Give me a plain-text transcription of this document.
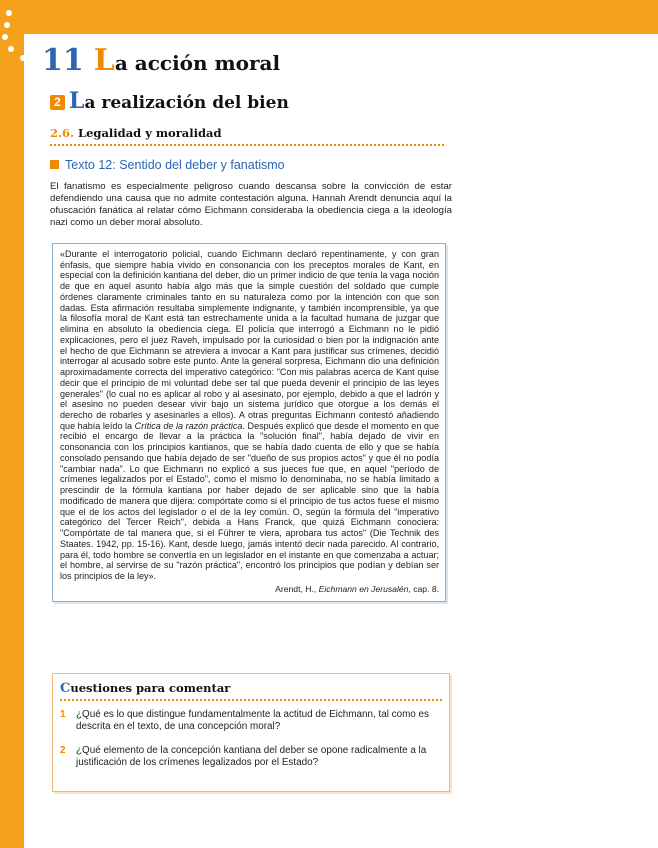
11 La acción moral
2 La realización del bien
2.6. Legalidad y moralidad
Texto 12: Sentido del deber y fanatismo
El fanatismo es especialmente peligroso cuando descansa sobre la convicción de estar defendiendo una causa que no admite contestación alguna. Hannah Arendt denuncia aquí la ofuscación fanática al relatar cómo Eichmann consideraba la obediencia ciega a la ideología nazi como un deber moral absoluto.

«Durante el interrogatorio policial, cuando Eichmann declaró repentinamente, y con gran énfasis, que siempre había vivido en consonancia con los preceptos morales de Kant, en especial con la definición kantiana del deber, dio un primer indicio de que tenía la vaga noción de que en aquel asunto había algo más que la simple cuestión del soldado que cumple órdenes claramente criminales tanto en su naturaleza como por la intención con que son dadas. Esta afirmación resultaba simplemente indignante, y también incomprensible, ya que la filosofía moral de Kant está tan estrechamente unida a la facultad humana de juzgar que elimina en absoluto la obediencia ciega. El policía que interrogó a Eichmann no le pidió explicaciones, pero el juez Raveh, impulsado por la curiosidad o bien por la indignación ante el hecho de que Eichmann se atreviera a invocar a Kant para justificar sus crímenes, decidió interrogar al acusado sobre este punto. Ante la general sorpresa, Eichmann dio una definición aproximadamente correcta del imperativo categórico: "Con mis palabras acerca de Kant quise decir que el principio de mi voluntad debe ser tal que pueda devenir el principio de las leyes generales" (lo cual no es aplicar al robo y al asesinato, por ejemplo, debido a que el ladrón y el asesino no pueden desear vivir bajo un sistema jurídico que otorgue a los demás el derecho de robarles y asesinarles a ellos). A otras preguntas Eichmann contestó añadiendo que había leído la Crítica de la razón práctica. Después explicó que desde el momento en que recibió el encargo de llevar a la práctica la "solución final", había dejado de vivir en consonancia con los principios kantianos, que se había dado cuenta de ello y que se había consolado pensando que había dejado de ser "dueño de sus propios actos" y que él no podía "cambiar nada". Lo que Eichmann no explicó a sus jueces fue que, en aquel "período de crímenes legalizados por el Estado", como el mismo lo denominaba, no se había limitado a prescindir de la fórmula kantiana por haber dejado de ser aplicable sino que la había modificado de manera que dijera: compórtate como si el principio de tus actos fuese el mismo que el de los actos del legislador o el de la ley común. O, según la fórmula del "imperativo categórico del Tercer Reich", debida a Hans Franck, que quizá Eichmann conociera: "Compórtate de tal manera que, si el Führer te viera, aprobara tus actos" (Die Technik des Staates. 1942, pp. 15-16). Kant, desde luego, jamás intentó decir nada parecido. Al contrario, para él, todo hombre se convertía en un legislador en el instante en que comenzaba a actuar; el hombre, al servirse de su "razón práctica", encontró los principios que podían y debían ser los principios de la ley».

Arendt, H., Eichmann en Jerusalén, cap. 8.
Cuestiones para comentar
1 ¿Qué es lo que distingue fundamentalmente la actitud de Eichmann, tal como es descrita en el texto, de una concepción moral?
2 ¿Qué elemento de la concepción kantiana del deber se opone radicalmente a la justificación de los crímenes legalizados por el Estado?
